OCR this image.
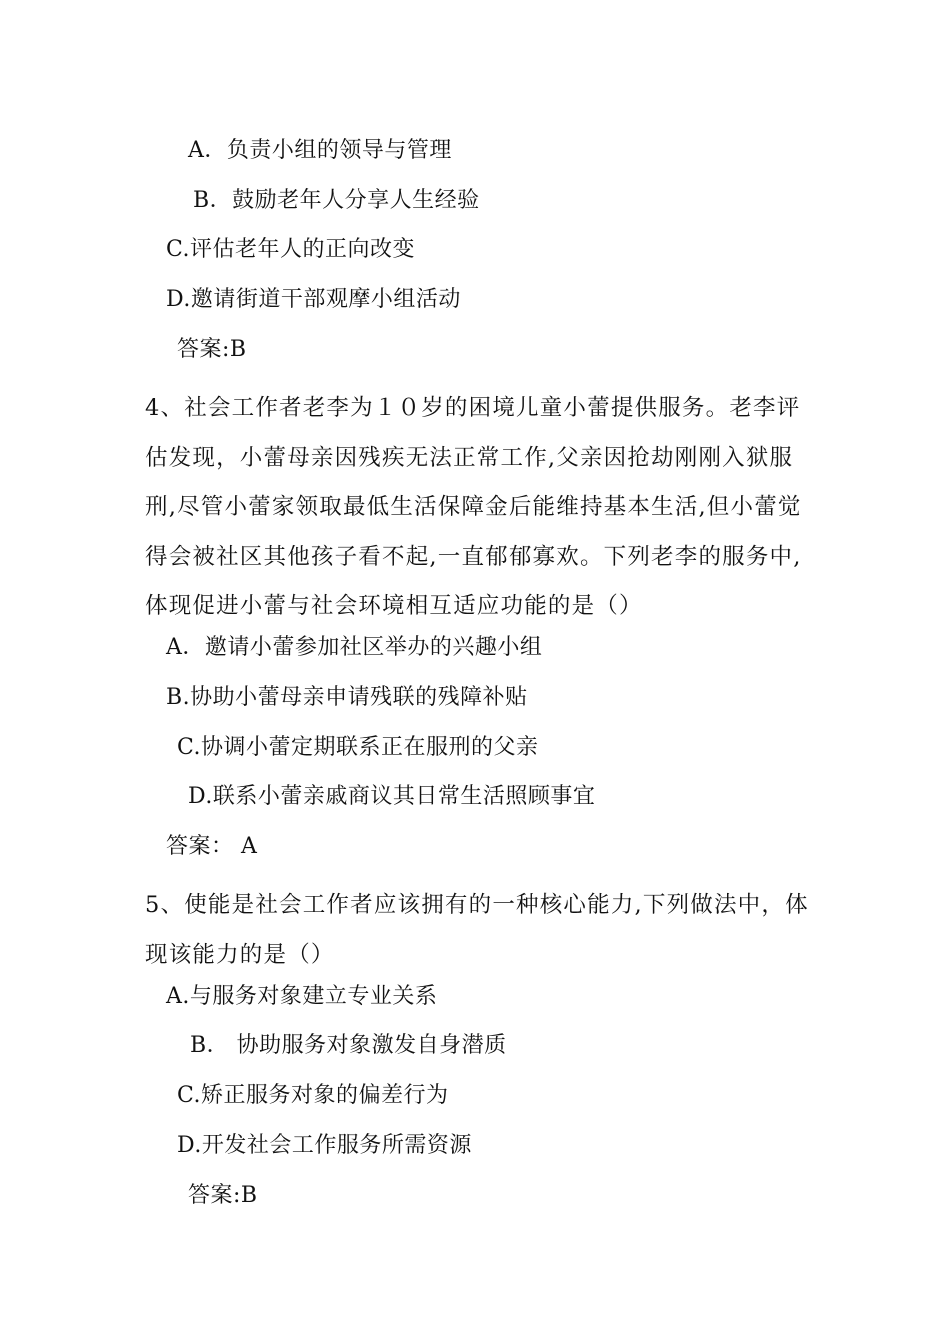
A．负责小组的领导与管理
B．鼓励老年人分享人生经验
C.评估老年人的正向改变
D.邀请街道干部观摩小组活动
答案:B
4、社会工作者老李为１０岁的困境儿童小蕾提供服务。老李评估发现，小蕾母亲因残疾无法正常工作,父亲因抢劫刚刚入狱服刑,尽管小蕾家领取最低生活保障金后能维持基本生活,但小蕾觉得会被社区其他孩子看不起,一直郁郁寡欢。下列老李的服务中,体现促进小蕾与社会环境相互适应功能的是（）
A．邀请小蕾参加社区举办的兴趣小组
B.协助小蕾母亲申请残联的残障补贴
C.协调小蕾定期联系正在服刑的父亲
D.联系小蕾亲戚商议其日常生活照顾事宜
答案： A
5、使能是社会工作者应该拥有的一种核心能力,下列做法中，体现该能力的是（）
A.与服务对象建立专业关系
B． 协助服务对象激发自身潜质
C.矫正服务对象的偏差行为
D.开发社会工作服务所需资源
答案:B
